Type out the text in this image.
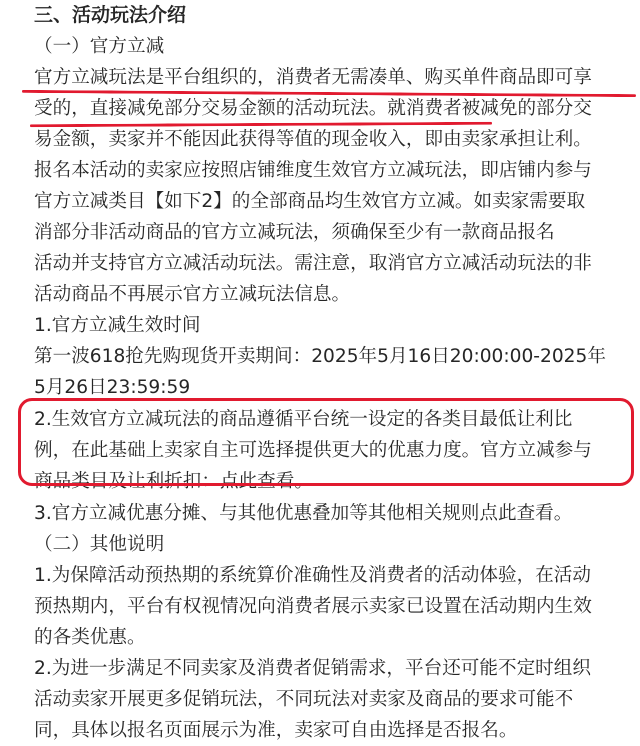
三、活动玩法介绍
（一）官方立减
官方立减玩法是平台组织的，消费者无需凑单、购买单件商品即可享
受的，直接减免部分交易金额的活动玩法。就消费者被减免的部分交
易金额，卖家并不能因此获得等值的现金收入，即由卖家承担让利。
报名本活动的卖家应按照店铺维度生效官方立减玩法，即店铺内参与
官方立减类目【如下2】的全部商品均生效官方立减。如卖家需要取
消部分非活动商品的官方立减玩法，须确保至少有一款商品报名
活动并支持官方立减活动玩法。需注意，取消官方立减活动玩法的非
活动商品不再展示官方立减玩法信息。
1.官方立减生效时间
第一波618抢先购现货开卖期间：2025年5月16日20:00:00-2025年
5月26日23:59:59
2.生效官方立减玩法的商品遵循平台统一设定的各类目最低让利比
例，在此基础上卖家自主可选择提供更大的优惠力度。官方立减参与
商品类目及让利折扣：点此查看。
3.官方立减优惠分摊、与其他优惠叠加等其他相关规则点此查看。
（二）其他说明
1.为保障活动预热期的系统算价准确性及消费者的活动体验，在活动
预热期内，平台有权视情况向消费者展示卖家已设置在活动期内生效
的各类优惠。
2.为进一步满足不同卖家及消费者促销需求，平台还可能不定时组织
活动卖家开展更多促销玩法，不同玩法对卖家及商品的要求可能不
同，具体以报名页面展示为准，卖家可自由选择是否报名。
